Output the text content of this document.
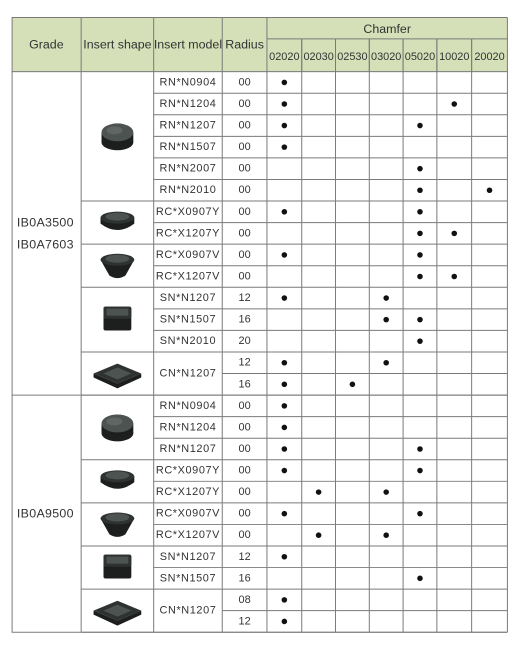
Grade Insert shape Insert model Radius
Chamfer
02020 02030 02530 03020 05020 10020 20020
RN*N0904 00
RN*N1204 00
RN*N1207 00
RN*N1507 00
RN*N2007 00
RN*N2010 00
RC*X0907Y 00
RC*X1207Y 00
RC*X0907V 00
RC*X1207V 00
SN*N1207 12
SN*N1507 16
SN*N2010 20
CN*N1207
12
16
IB0A3500
IB0A7603
RN*N0904 00
RN*N1204 00
RN*N1207 00
RC*X0907Y 00
RC*X1207Y 00
RC*X0907V 00
RC*X1207V 00
SN*N1207 12
SN*N1507 16
CN*N1207
08
12
IB0A9500
